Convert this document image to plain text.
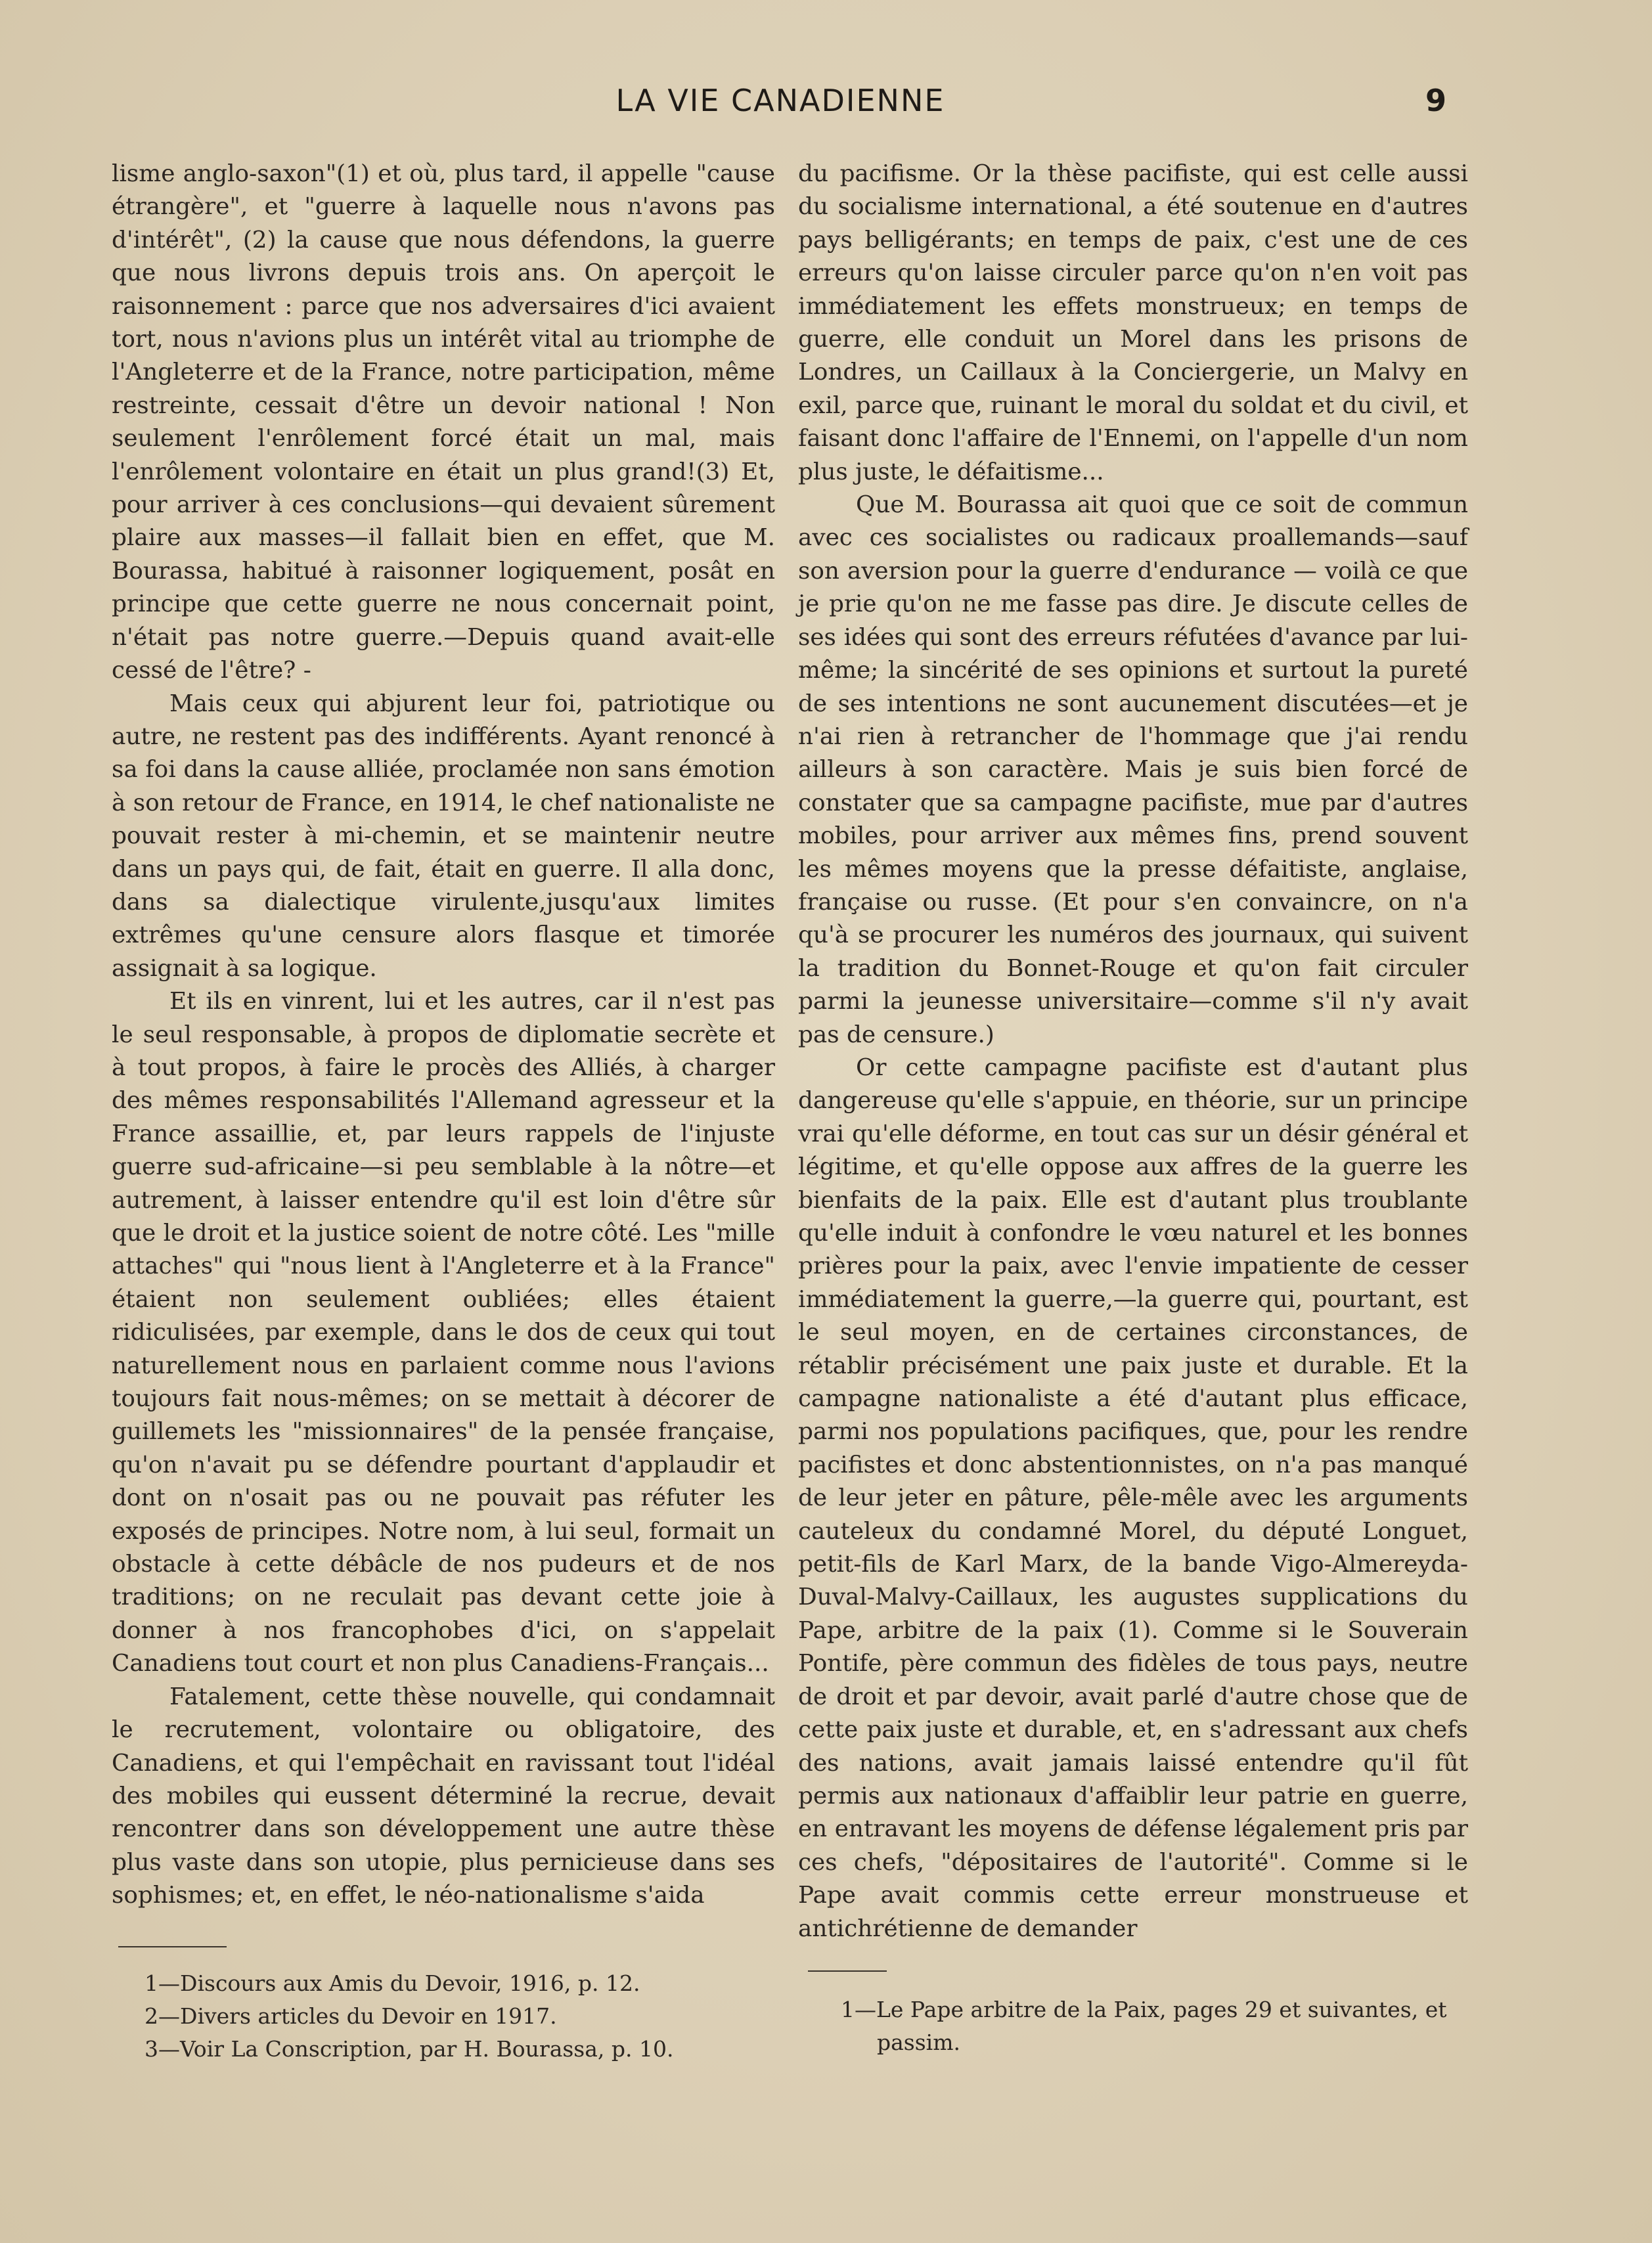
LA VIE CANADIENNE	9

lisme anglo-saxon"(1) et où, plus tard, il appelle "cause étrangère", et "guerre à laquelle nous n'avons pas d'intérêt", (2) la cause que nous défendons, la guerre que nous livrons depuis trois ans. On aperçoit le raisonnement : parce que nos adversaires d'ici avaient tort, nous n'avions plus un intérêt vital au triomphe de l'Angleterre et de la France, notre participation, même restreinte, cessait d'être un devoir national ! Non seulement l'enrôlement forcé était un mal, mais l'enrôlement volontaire en était un plus grand!(3) Et, pour arriver à ces conclusions—qui devaient sûrement plaire aux masses—il fallait bien en effet, que M. Bourassa, habitué à raisonner logiquement, posât en principe que cette guerre ne nous concernait point, n'était pas notre guerre.—Depuis quand avait-elle cessé de l'être? -

Mais ceux qui abjurent leur foi, patriotique ou autre, ne restent pas des indifférents. Ayant renoncé à sa foi dans la cause alliée, proclamée non sans émotion à son retour de France, en 1914, le chef nationaliste ne pouvait rester à mi-chemin, et se maintenir neutre dans un pays qui, de fait, était en guerre. Il alla donc, dans sa dialectique virulente,jusqu'aux limites extrêmes qu'une censure alors flasque et timorée assignait à sa logique.

Et ils en vinrent, lui et les autres, car il n'est pas le seul responsable, à propos de diplomatie secrète et à tout propos, à faire le procès des Alliés, à charger des mêmes responsabilités l'Allemand agresseur et la France assaillie, et, par leurs rappels de l'injuste guerre sud-africaine—si peu semblable à la nôtre—et autrement, à laisser entendre qu'il est loin d'être sûr que le droit et la justice soient de notre côté. Les "mille attaches" qui "nous lient à l'Angleterre et à la France" étaient non seulement oubliées; elles étaient ridiculisées, par exemple, dans le dos de ceux qui tout naturellement nous en parlaient comme nous l'avions toujours fait nous-mêmes; on se mettait à décorer de guillemets les "missionnaires" de la pensée française, qu'on n'avait pu se défendre pourtant d'applaudir et dont on n'osait pas ou ne pouvait pas réfuter les exposés de principes. Notre nom, à lui seul, formait un obstacle à cette débâcle de nos pudeurs et de nos traditions; on ne reculait pas devant cette joie à donner à nos francophobes d'ici, on s'appelait Canadiens tout court et non plus Canadiens-Français...

Fatalement, cette thèse nouvelle, qui condamnait le recrutement, volontaire ou obligatoire, des Canadiens, et qui l'empêchait en ravissant tout l'idéal des mobiles qui eussent déterminé la recrue, devait rencontrer dans son développement une autre thèse plus vaste dans son utopie, plus pernicieuse dans ses sophismes; et, en effet, le néo-nationalisme s'aida

du pacifisme. Or la thèse pacifiste, qui est celle aussi du socialisme international, a été soutenue en d'autres pays belligérants; en temps de paix, c'est une de ces erreurs qu'on laisse circuler parce qu'on n'en voit pas immédiatement les effets monstrueux; en temps de guerre, elle conduit un Morel dans les prisons de Londres, un Caillaux à la Conciergerie, un Malvy en exil, parce que, ruinant le moral du soldat et du civil, et faisant donc l'affaire de l'Ennemi, on l'appelle d'un nom plus juste, le défaitisme...

Que M. Bourassa ait quoi que ce soit de commun avec ces socialistes ou radicaux proallemands—sauf son aversion pour la guerre d'endurance — voilà ce que je prie qu'on ne me fasse pas dire. Je discute celles de ses idées qui sont des erreurs réfutées d'avance par lui-même; la sincérité de ses opinions et surtout la pureté de ses intentions ne sont aucunement discutées—et je n'ai rien à retrancher de l'hommage que j'ai rendu ailleurs à son caractère. Mais je suis bien forcé de constater que sa campagne pacifiste, mue par d'autres mobiles, pour arriver aux mêmes fins, prend souvent les mêmes moyens que la presse défaitiste, anglaise, française ou russe. (Et pour s'en convaincre, on n'a qu'à se procurer les numéros des journaux, qui suivent la tradition du Bonnet-Rouge et qu'on fait circuler parmi la jeunesse universitaire—comme s'il n'y avait pas de censure.)

Or cette campagne pacifiste est d'autant plus dangereuse qu'elle s'appuie, en théorie, sur un principe vrai qu'elle déforme, en tout cas sur un désir général et légitime, et qu'elle oppose aux affres de la guerre les bienfaits de la paix. Elle est d'autant plus troublante qu'elle induit à confondre le vœu naturel et les bonnes prières pour la paix, avec l'envie impatiente de cesser immédiatement la guerre,—la guerre qui, pourtant, est le seul moyen, en de certaines circonstances, de rétablir précisément une paix juste et durable. Et la campagne nationaliste a été d'autant plus efficace, parmi nos populations pacifiques, que, pour les rendre pacifistes et donc abstentionnistes, on n'a pas manqué de leur jeter en pâture, pêle-mêle avec les arguments cauteleux du condamné Morel, du député Longuet, petit-fils de Karl Marx, de la bande Vigo-Almereyda-Duval-Malvy-Caillaux, les augustes supplications du Pape, arbitre de la paix (1). Comme si le Souverain Pontife, père commun des fidèles de tous pays, neutre de droit et par devoir, avait parlé d'autre chose que de cette paix juste et durable, et, en s'adressant aux chefs des nations, avait jamais laissé entendre qu'il fût permis aux nationaux d'affaiblir leur patrie en guerre, en entravant les moyens de défense légalement pris par ces chefs, "dépositaires de l'autorité". Comme si le Pape avait commis cette erreur monstrueuse et antichrétienne de demander

1—Discours aux Amis du Devoir, 1916, p. 12.

2—Divers articles du Devoir en 1917.

3—Voir La Conscription, par H. Bourassa, p. 10.

1—Le Pape arbitre de la Paix, pages 29 et suivantes, et passim.
